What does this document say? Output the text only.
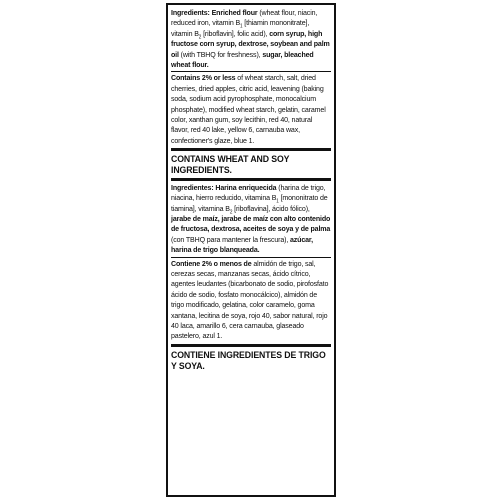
Ingredients: Enriched flour (wheat flour, niacin, reduced iron, vitamin $B_1$ [thiamin mononitrate], vitamin $B_2$ [riboflavin], folic acid), corn syrup, high fructose corn syrup, dextrose, soybean and palm oil (with TBHQ for freshness), sugar, bleached wheat flour.

Contains 2% or less of wheat starch, salt, dried cherries, dried apples, citric acid, leavening (baking soda, sodium acid pyrophosphate, monocalcium phosphate), modified wheat starch, gelatin, caramel color, xanthan gum, soy lecithin, red 40, natural flavor, red 40 lake, yellow 6, carnauba wax, confectioner's glaze, blue 1.

CONTAINS WHEAT AND SOY INGREDIENTS.

Ingredientes: Harina enriquecida (harina de trigo, niacina, hierro reducido, vitamina $B_1$ [mononitrato de tiamina], vitamina $B_2$ [riboflavina], ácido fólico), jarabe de maíz, jarabe de maíz con alto contenido de fructosa, dextrosa, aceites de soya y de palma (con TBHQ para mantener la frescura), azúcar, harina de trigo blanqueada.

Contiene 2% o menos de almidón de trigo, sal, cerezas secas, manzanas secas, ácido cítrico, agentes leudantes (bicarbonato de sodio, pirofosfato ácido de sodio, fosfato monocálcico), almidón de trigo modificado, gelatina, color caramelo, goma xantana, lecitina de soya, rojo 40, sabor natural, rojo 40 laca, amarillo 6, cera carnauba, glaseado pastelero, azul 1.

CONTIENE INGREDIENTES DE TRIGO Y SOYA.
